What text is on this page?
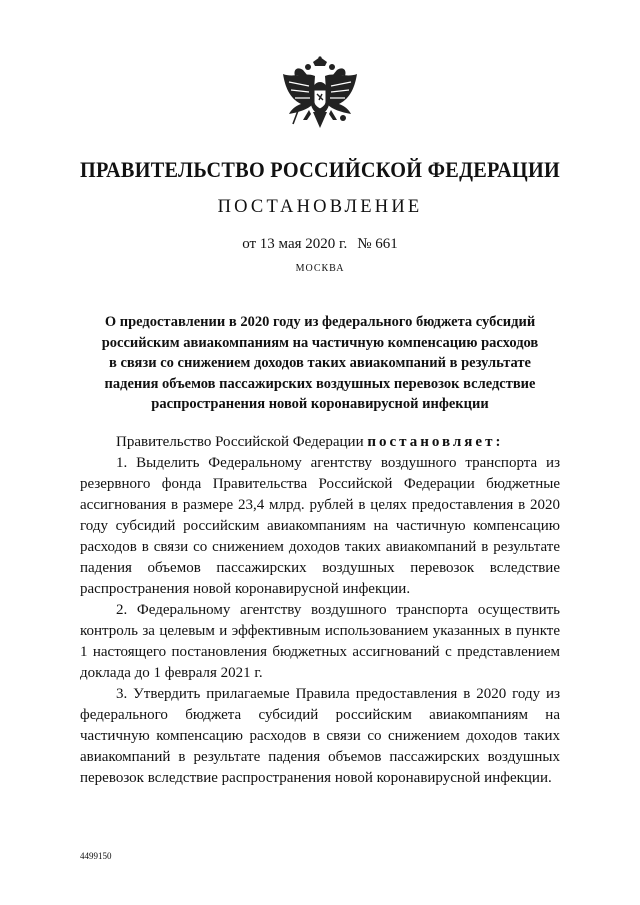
ПРАВИТЕЛЬСТВО РОССИЙСКОЙ ФЕДЕРАЦИИ
ПОСТАНОВЛЕНИЕ
от 13 мая 2020 г. № 661
МОСКВА
О предоставлении в 2020 году из федерального бюджета субсидий
российским авиакомпаниям на частичную компенсацию расходов
в связи со снижением доходов таких авиакомпаний в результате
падения объемов пассажирских воздушных перевозок вследствие
распространения новой коронавирусной инфекции

Правительство Российской Федерации постановляет:

1. Выделить Федеральному агентству воздушного транспорта из резервного фонда Правительства Российской Федерации бюджетные ассигнования в размере 23,4 млрд. рублей в целях предоставления в 2020 году субсидий российским авиакомпаниям на частичную компенсацию расходов в связи со снижением доходов таких авиакомпаний в результате падения объемов пассажирских воздушных перевозок вследствие распространения новой коронавирусной инфекции.

2. Федеральному агентству воздушного транспорта осуществить контроль за целевым и эффективным использованием указанных в пункте 1 настоящего постановления бюджетных ассигнований с представлением доклада до 1 февраля 2021 г.

3. Утвердить прилагаемые Правила предоставления в 2020 году из федерального бюджета субсидий российским авиакомпаниям на частичную компенсацию расходов в связи со снижением доходов таких авиакомпаний в результате падения объемов пассажирских воздушных перевозок вследствие распространения новой коронавирусной инфекции.

4499150
